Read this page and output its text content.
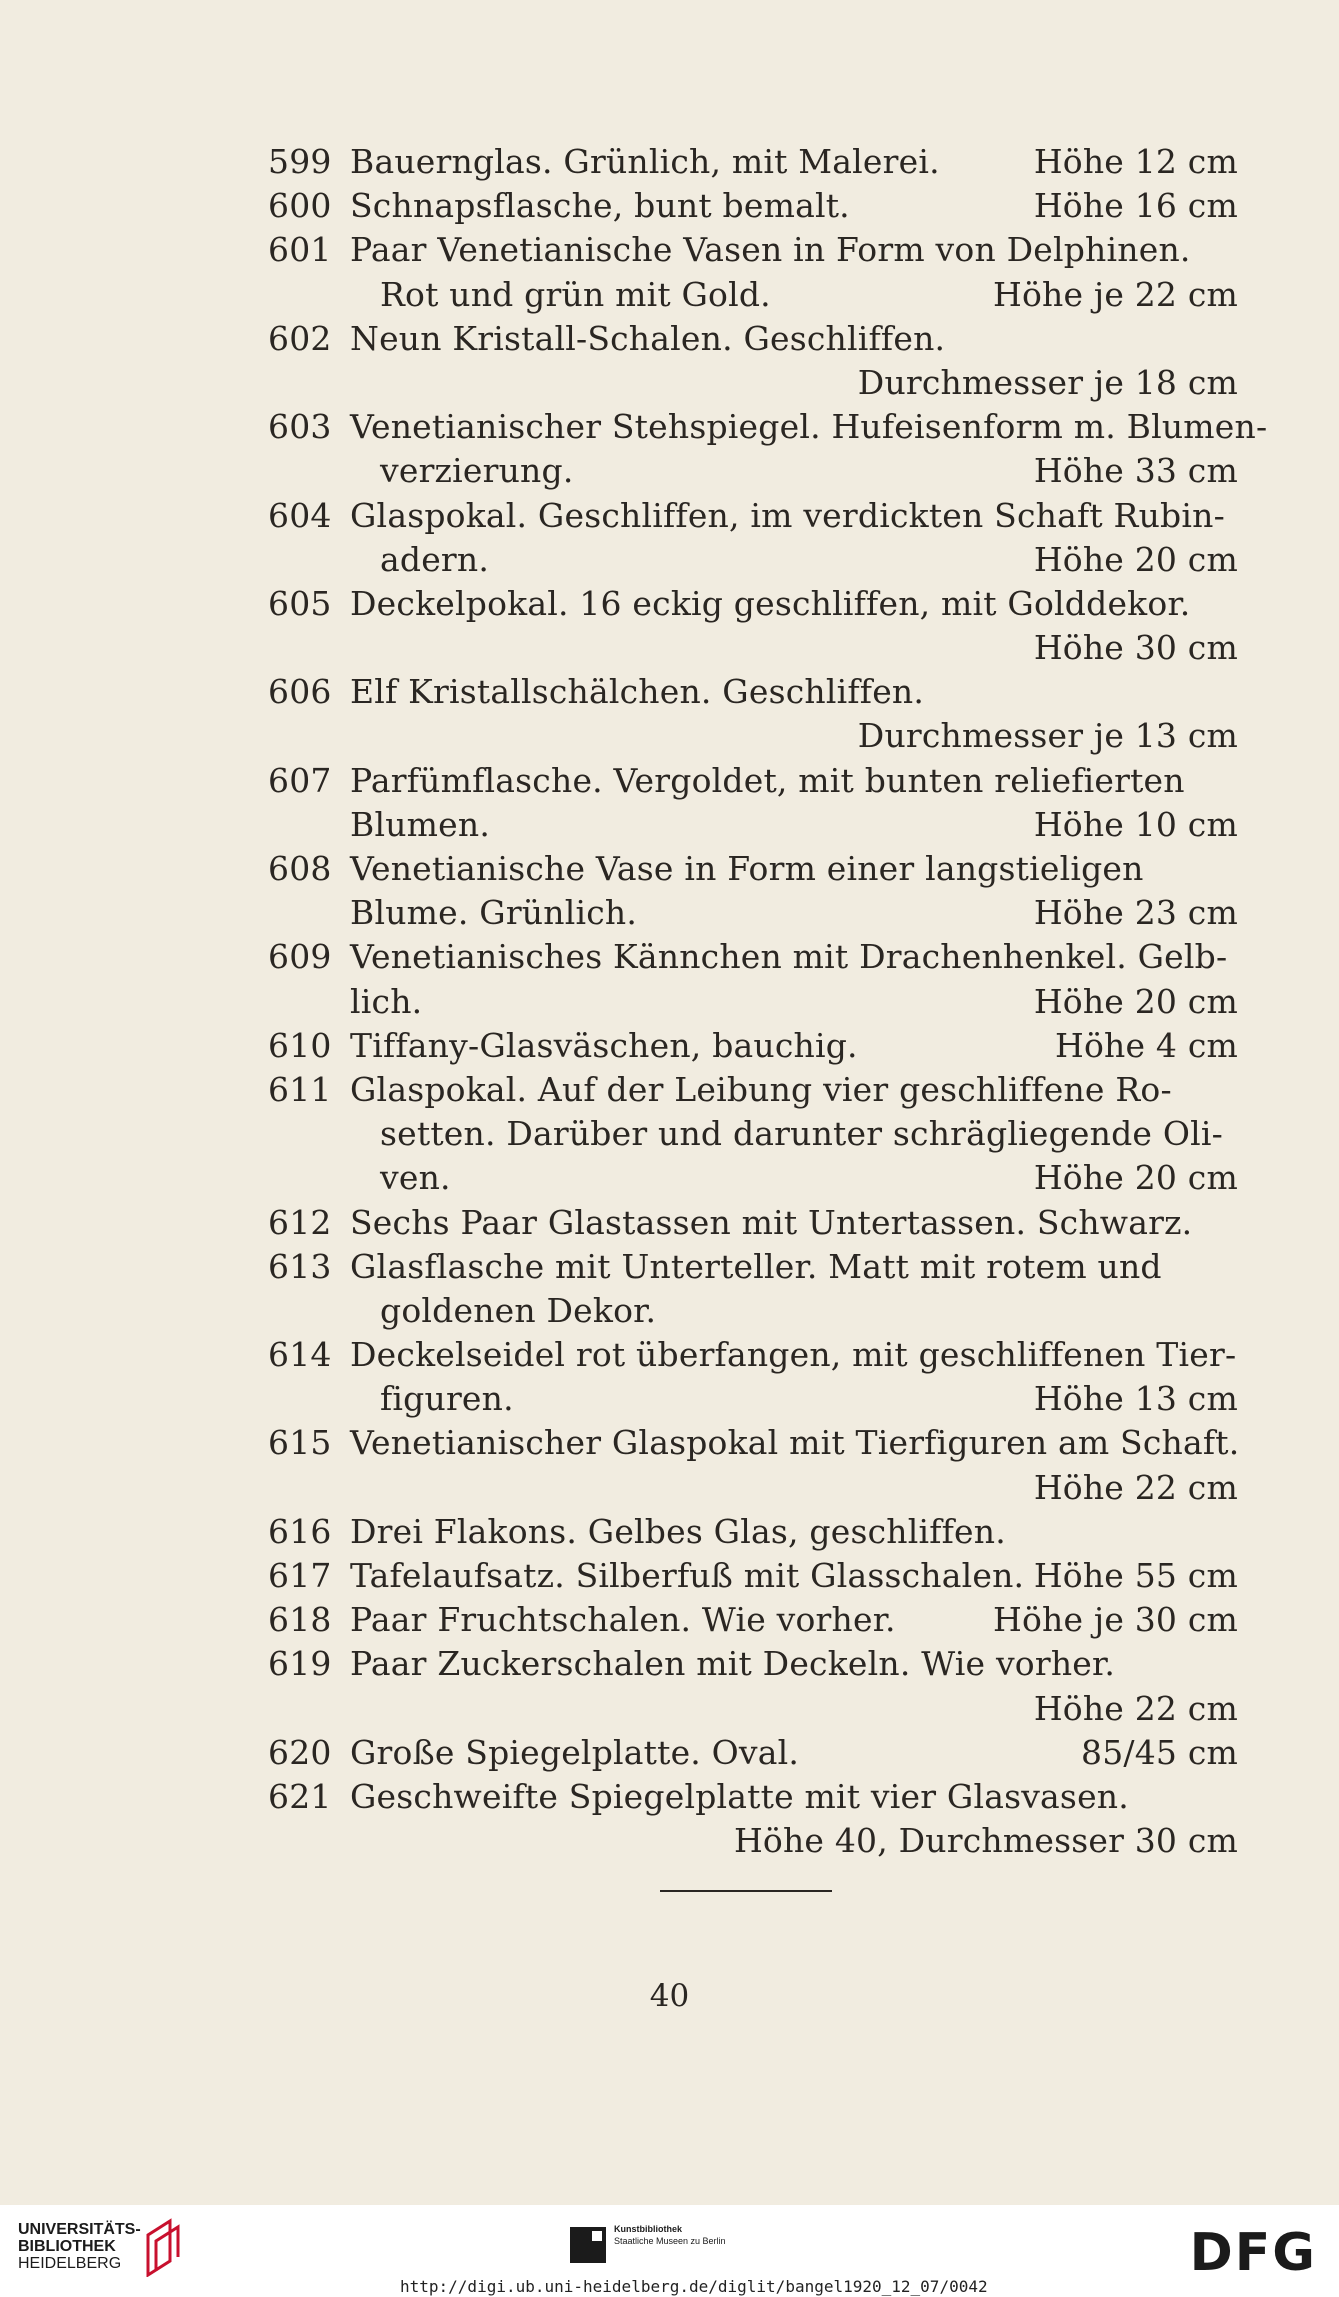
599 Bauernglas. Grünlich, mit Malerei.	Höhe 12 cm
600 Schnapsflasche, bunt bemalt.	Höhe 16 cm
601 Paar Venetianische Vasen in Form von Delphinen.
Rot und grün mit Gold.	Höhe je 22 cm
602 Neun Kristall-Schalen. Geschliffen.
Durchmesser je 18 cm
603 Venetianischer Stehspiegel. Hufeisenform m. Blumen-
verzierung.	Höhe 33 cm
604 Glaspokal. Geschliffen, im verdickten Schaft Rubin-
adern.	Höhe 20 cm
605 Deckelpokal. 16 eckig geschliffen, mit Golddekor.
Höhe 30 cm
606 Elf Kristallschälchen. Geschliffen.
Durchmesser je 13 cm
607 Parfümflasche. Vergoldet, mit bunten reliefierten
Blumen.	Höhe 10 cm
608 Venetianische Vase in Form einer langstieligen
Blume. Grünlich.	Höhe 23 cm
609 Venetianisches Kännchen mit Drachenhenkel. Gelb-
lich.	Höhe 20 cm
610 Tiffany-Glasväschen, bauchig.	Höhe 4 cm
611 Glaspokal. Auf der Leibung vier geschliffene Ro-
setten. Darüber und darunter schrägliegende Oli-
ven.	Höhe 20 cm
612 Sechs Paar Glastassen mit Untertassen. Schwarz.
613 Glasflasche mit Unterteller. Matt mit rotem und
goldenen Dekor.
614 Deckelseidel rot überfangen, mit geschliffenen Tier-
figuren.	Höhe 13 cm
615 Venetianischer Glaspokal mit Tierfiguren am Schaft.
Höhe 22 cm
616 Drei Flakons. Gelbes Glas, geschliffen.
617 Tafelaufsatz. Silberfuß mit Glasschalen. Höhe 55 cm
618 Paar Fruchtschalen. Wie vorher.	Höhe je 30 cm
619 Paar Zuckerschalen mit Deckeln. Wie vorher.
Höhe 22 cm
620 Große Spiegelplatte. Oval.	85/45 cm
621 Geschweifte Spiegelplatte mit vier Glasvasen.
Höhe 40, Durchmesser 30 cm
40
UNIVERSITÄTS-
BIBLIOTHEK
HEIDELBERG
Kunstbibliothek
Staatliche Museen zu Berlin	DFG
http://digi.ub.uni-heidelberg.de/diglit/bangel1920_12_07/0042
